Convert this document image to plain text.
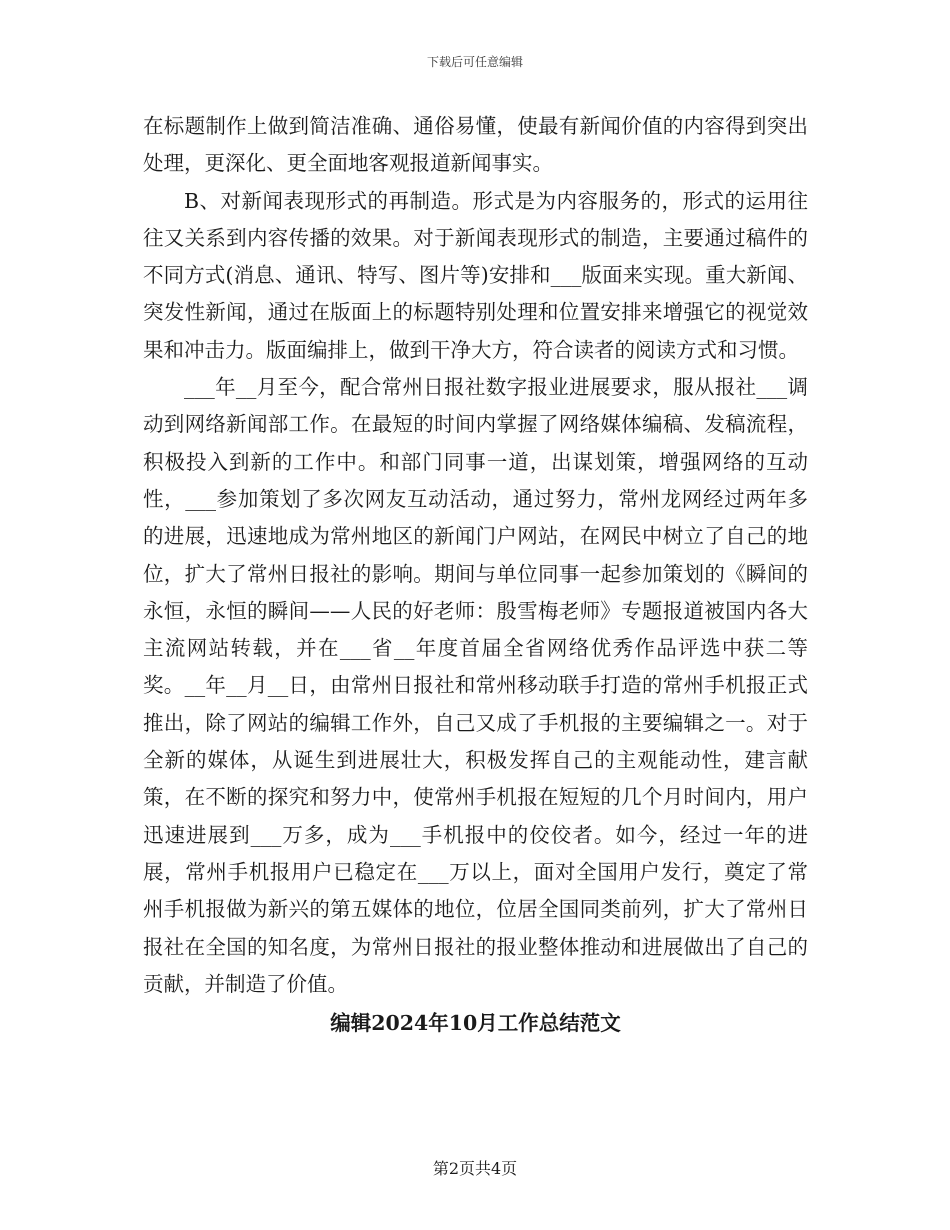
下载后可任意编辑

在标题制作上做到简洁准确、通俗易懂，使最有新闻价值的内容得到突出处理，更深化、更全面地客观报道新闻事实。

B、对新闻表现形式的再制造。形式是为内容服务的，形式的运用往往又关系到内容传播的效果。对于新闻表现形式的制造，主要通过稿件的不同方式(消息、通讯、特写、图片等)安排和___版面来实现。重大新闻、突发性新闻，通过在版面上的标题特别处理和位置安排来增强它的视觉效果和冲击力。版面编排上，做到干净大方，符合读者的阅读方式和习惯。

___年__月至今，配合常州日报社数字报业进展要求，服从报社___调动到网络新闻部工作。在最短的时间内掌握了网络媒体编稿、发稿流程，积极投入到新的工作中。和部门同事一道，出谋划策，增强网络的互动性，___参加策划了多次网友互动活动，通过努力，常州龙网经过两年多的进展，迅速地成为常州地区的新闻门户网站，在网民中树立了自己的地位，扩大了常州日报社的影响。期间与单位同事一起参加策划的《瞬间的永恒，永恒的瞬间——人民的好老师：殷雪梅老师》专题报道被国内各大主流网站转载，并在___省__年度首届全省网络优秀作品评选中获二等奖。__年__月__日，由常州日报社和常州移动联手打造的常州手机报正式推出，除了网站的编辑工作外，自己又成了手机报的主要编辑之一。对于全新的媒体，从诞生到进展壮大，积极发挥自己的主观能动性，建言献策，在不断的探究和努力中，使常州手机报在短短的几个月时间内，用户迅速进展到___万多，成为___手机报中的佼佼者。如今，经过一年的进展，常州手机报用户已稳定在___万以上，面对全国用户发行，奠定了常州手机报做为新兴的第五媒体的地位，位居全国同类前列，扩大了常州日报社在全国的知名度，为常州日报社的报业整体推动和进展做出了自己的贡献，并制造了价值。

编辑2024年10月工作总结范文
第2页共4页
